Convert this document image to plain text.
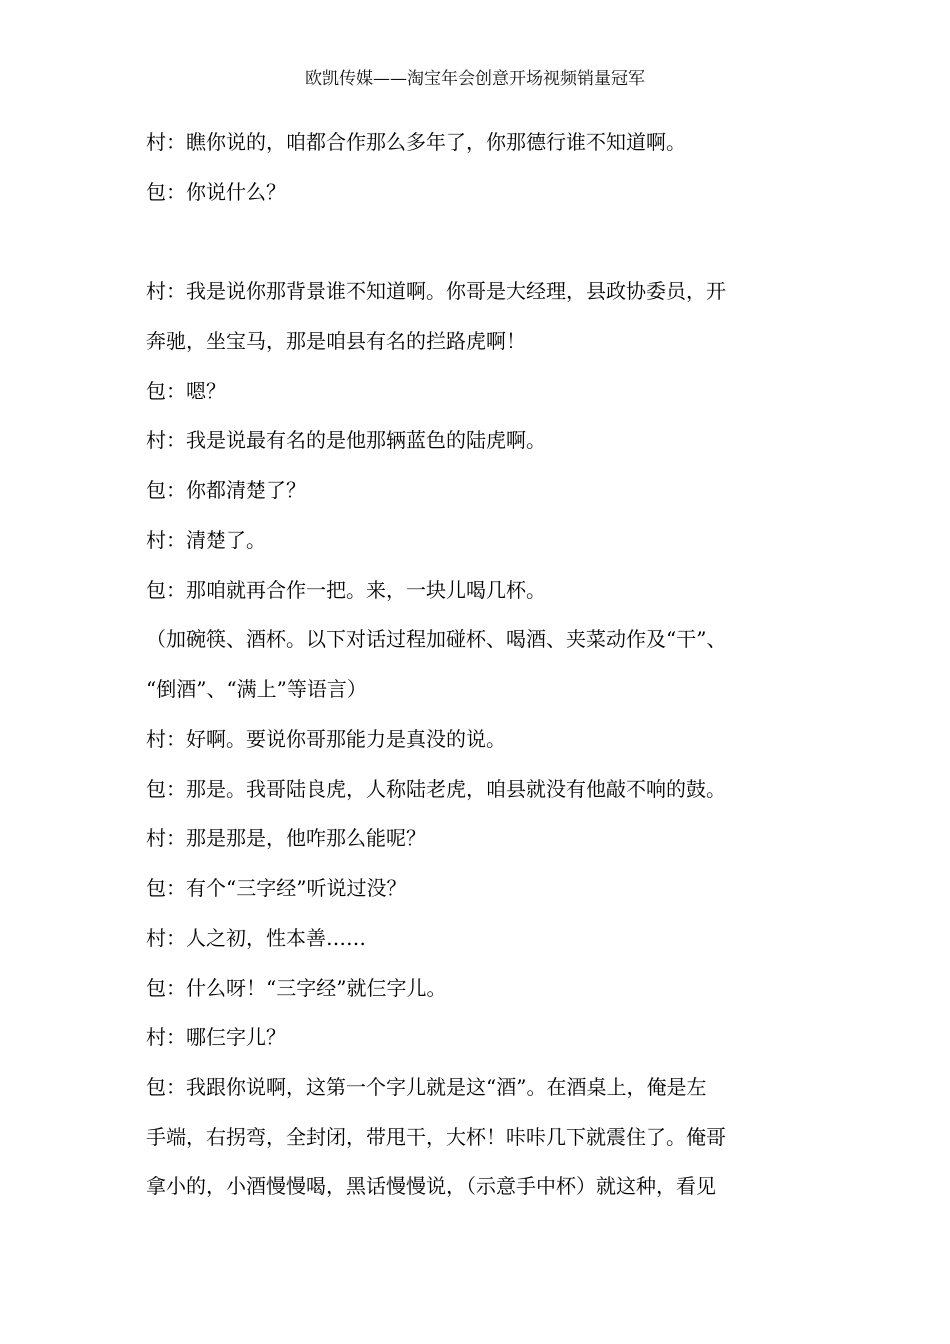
欧凯传媒——淘宝年会创意开场视频销量冠军
村：瞧你说的，咱都合作那么多年了，你那德行谁不知道啊。
包：你说什么？
村：我是说你那背景谁不知道啊。你哥是大经理，县政协委员，开
奔驰，坐宝马，那是咱县有名的拦路虎啊！
包：嗯？
村：我是说最有名的是他那辆蓝色的陆虎啊。
包：你都清楚了？
村：清楚了。
包：那咱就再合作一把。来，一块儿喝几杯。
（加碗筷、酒杯。以下对话过程加碰杯、喝酒、夹菜动作及“干”、
“倒酒”、“满上”等语言）
村：好啊。要说你哥那能力是真没的说。
包：那是。我哥陆良虎，人称陆老虎，咱县就没有他敲不响的鼓。
村：那是那是，他咋那么能呢？
包：有个“三字经”听说过没？
村：人之初，性本善……
包：什么呀！“三字经”就仨字儿。
村：哪仨字儿？
包：我跟你说啊，这第一个字儿就是这“酒”。在酒桌上，俺是左
手端，右拐弯，全封闭，带甩干，大杯！咔咔几下就震住了。俺哥
拿小的，小酒慢慢喝，黑话慢慢说，（示意手中杯）就这种，看见
